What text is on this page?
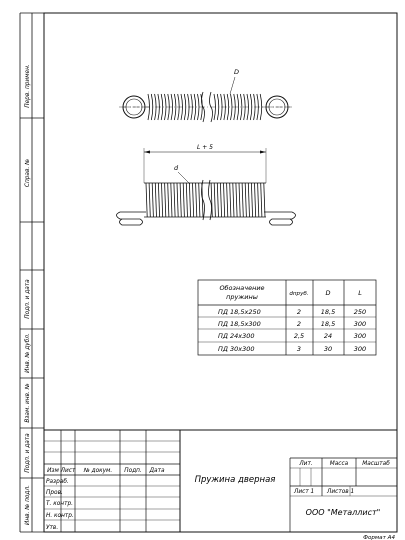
Перв. примен.
Справ. №
Подп. и дата
Инв. № дубл.
Взам. инв. №
Подп. и дата
Инв. № подл.
D
L + 5
d
Обозначение
пружины	dпруб.	D	L
ПД 18,5x250	2	18,5	250
ПД 18,5x300	2	18,5	300
ПД 24x300	2,5	24	300
ПД 30x300	3	30	300
Изм Лист № докум. Подп. Дата
Разраб.
Пров.
Т. контр.
Н. контр.
Утв.
Пружина дверная
Лит.	Масса Масштаб
Лист 1 Листов 1
ООО "Металлист"
Формат А4
